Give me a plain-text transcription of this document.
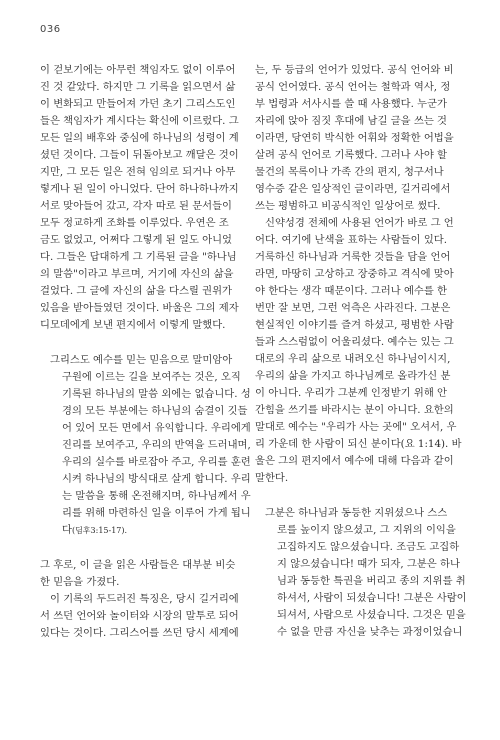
036
이 걷보기에는 아무런 책임자도 없이 이루어
진 것 같았다. 하지만 그 기록을 읽으면서 삶
이 변화되고 만들어져 가던 초기 그리스도인
들은 책임자가 계시다는 확신에 이르렀다. 그
모든 일의 배후와 중심에 하나님의 성령이 계
셨던 것이다. 그들이 뒤돌아보고 깨달은 것이
지만, 그 모든 일은 전혀 임의로 되거나 아무
렇게나 된 일이 아니었다. 단어 하나하나까지
서로 맞아들어 갔고, 각자 따로 된 문서들이
모두 정교하게 조화를 이루었다. 우연은 조
금도 없었고, 어쩌다 그렇게 된 일도 아니었
다. 그들은 답대하게 그 기록된 글을 "하나님
의 말씀"이라고 부르며, 거기에 자신의 삶을
걸었다. 그 글에 자신의 삶을 다스릴 권위가
있음을 받아들였던 것이다. 바울은 그의 제자
디모데에게 보낸 편지에서 이렇게 말했다.
그리스도 예수를 믿는 믿음으로 말미암아
구원에 이르는 길을 보여주는 것은, 오직
기록된 하나님의 말씀 외에는 없습니다. 성
경의 모든 부분에는 하나님의 숨결이 깃들
어 있어 모든 면에서 유익합니다. 우리에게
진리를 보여주고, 우리의 반역을 드러내며,
우리의 실수를 바로잡아 주고, 우리를 훈련
시켜 하나님의 방식대로 살게 합니다. 우리
는 말씀을 통해 온전해지며, 하나님께서 우
리를 위해 마련하신 일을 이루어 가게 됩니
다(딤후3:15-17).
그 후로, 이 글을 읽은 사람들은 대부분 비슷
한 믿음을 가졌다.
이 기록의 두드러진 특징은, 당시 길거리에
서 쓰던 언어와 놀이터와 시장의 말투로 되어
있다는 것이다. 그리스어를 쓰던 당시 세계에
는, 두 등급의 언어가 있었다. 공식 언어와 비
공식 언어였다. 공식 언어는 철학과 역사, 정
부 법령과 서사시를 쓸 때 사용했다. 누군가
자리에 앉아 짐짓 후대에 남길 글을 쓰는 것
이라면, 당연히 박식한 어휘와 정확한 어법을
살려 공식 언어로 기록했다. 그러나 사야 할
물건의 목록이나 가족 간의 편지, 청구서나
영수증 같은 일상적인 글이라면, 길거리에서
쓰는 평범하고 비공식적인 일상어로 썼다.
신약성경 전체에 사용된 언어가 바로 그 언
어다. 여기에 난색을 표하는 사람들이 있다.
거룩하신 하나님과 거룩한 것들을 담을 언어
라면, 마땅히 고상하고 장중하고 격식에 맞아
야 한다는 생각 때문이다. 그러나 예수를 한
번만 잘 보면, 그런 억측은 사라진다. 그분은
현실적인 이야기를 즐겨 하셨고, 평범한 사람
들과 스스럼없이 어울리셨다. 예수는 있는 그
대로의 우리 삶으로 내려오신 하나님이시지,
우리의 삶을 가지고 하나님께로 올라가신 분
이 아니다. 우리가 그분께 인정받기 위해 안
간힘을 쓰기를 바라시는 분이 아니다. 요한의
말대로 예수는 "우리가 사는 곳에" 오셔서, 우
리 가운데 한 사람이 되신 분이다(요 1:14). 바
울은 그의 편지에서 예수에 대해 다음과 같이
말한다.
그분은 하나님과 동등한 지위셨으나 스스
로를 높이지 않으셨고, 그 지위의 이익을
고집하지도 않으셨습니다. 조금도 고집하
지 않으셨습니다! 때가 되자, 그분은 하나
님과 동등한 특권을 버리고 종의 지위를 취
하셔서, 사람이 되셨습니다! 그분은 사람이
되셔서, 사람으로 사셨습니다. 그것은 믿을
수 없을 만큼 자신을 낮추는 과정이었습니
